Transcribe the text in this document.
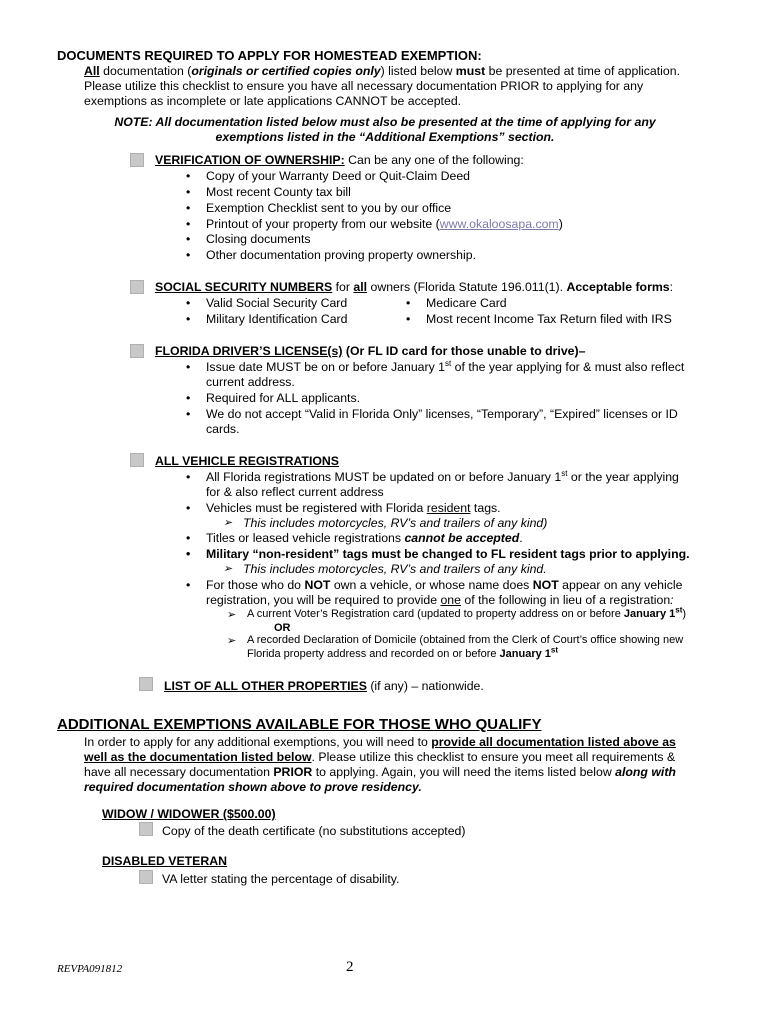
DOCUMENTS REQUIRED TO APPLY FOR HOMESTEAD EXEMPTION:
All documentation (originals or certified copies only) listed below must be presented at time of application.
Please utilize this checklist to ensure you have all necessary documentation PRIOR to applying for any
exemptions as incomplete or late applications CANNOT be accepted.
NOTE: All documentation listed below must also be presented at the time of applying for any
exemptions listed in the “Additional Exemptions” section.
VERIFICATION OF OWNERSHIP: Can be any one of the following:
• Copy of your Warranty Deed or Quit-Claim Deed
• Most recent County tax bill
• Exemption Checklist sent to you by our office
• Printout of your property from our website (www.okaloosapa.com)
• Closing documents
• Other documentation proving property ownership.
SOCIAL SECURITY NUMBERS for all owners (Florida Statute 196.011(1). Acceptable forms:
• Valid Social Security Card
• Military Identification Card
• Medicare Card
• Most recent Income Tax Return filed with IRS
FLORIDA DRIVER’S LICENSE(s) (Or FL ID card for those unable to drive)–
• Issue date MUST be on or before January 1st of the year applying for & must also reflect
current address.
• Required for ALL applicants.
• We do not accept “Valid in Florida Only” licenses, “Temporary”, “Expired” licenses or ID
cards.
ALL VEHICLE REGISTRATIONS
• All Florida registrations MUST be updated on or before January 1st or the year applying
for & also reflect current address
• Vehicles must be registered with Florida resident tags.
➢ This includes motorcycles, RV’s and trailers of any kind)
• Titles or leased vehicle registrations cannot be accepted.
• Military “non-resident” tags must be changed to FL resident tags prior to applying.
➢ This includes motorcycles, RV’s and trailers of any kind.
• For those who do NOT own a vehicle, or whose name does NOT appear on any vehicle
registration, you will be required to provide one of the following in lieu of a registration:
➢ A current Voter’s Registration card (updated to property address on or before January 1st)
OR
➢ A recorded Declaration of Domicile (obtained from the Clerk of Court’s office showing new
Florida property address and recorded on or before January 1st
LIST OF ALL OTHER PROPERTIES (if any) – nationwide.
ADDITIONAL EXEMPTIONS AVAILABLE FOR THOSE WHO QUALIFY
In order to apply for any additional exemptions, you will need to provide all documentation listed above as
well as the documentation listed below. Please utilize this checklist to ensure you meet all requirements &
have all necessary documentation PRIOR to applying. Again, you will need the items listed below along with
required documentation shown above to prove residency.
WIDOW / WIDOWER ($500.00)
Copy of the death certificate (no substitutions accepted)
DISABLED VETERAN
VA letter stating the percentage of disability.
REVPA091812	2
